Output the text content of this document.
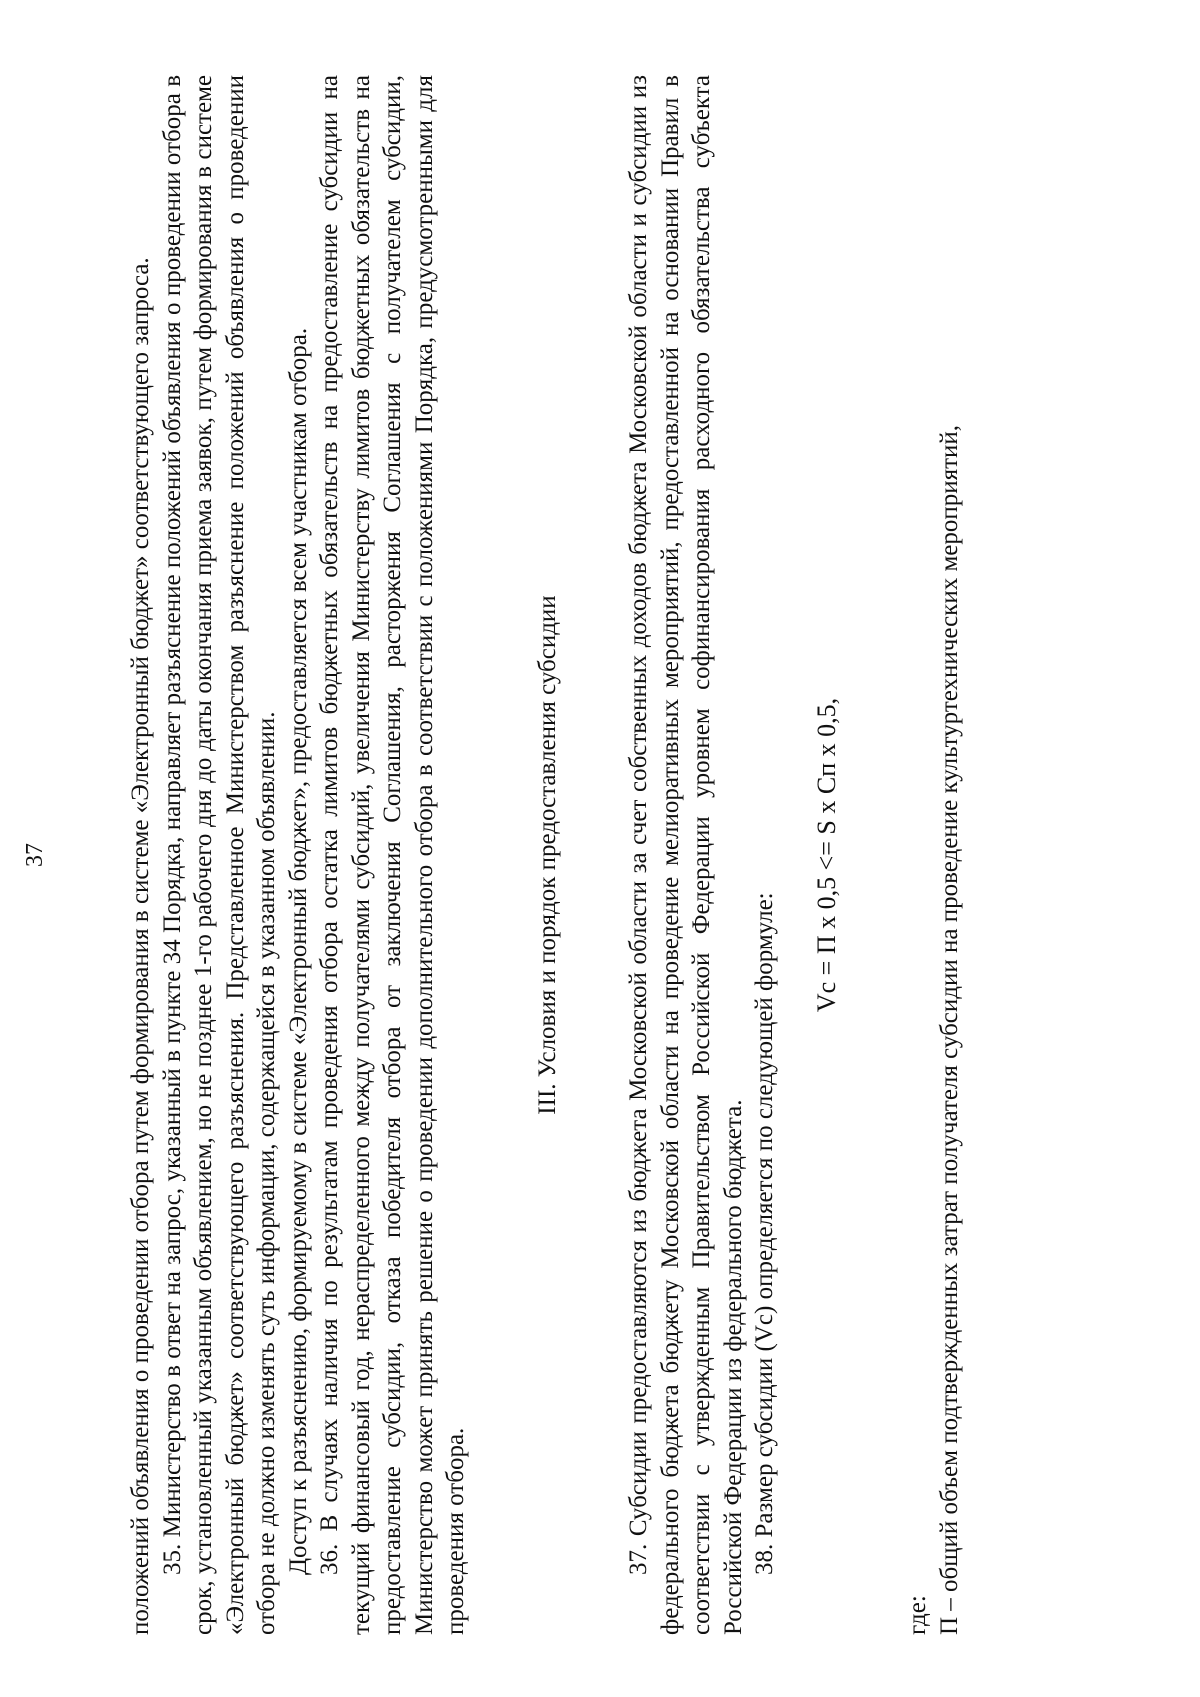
37	положений объявления о проведении отбора путем формирования в системе «Электронный бюджет» соответствующего запроса. 35. Министерство в ответ на запрос, указанный в пункте 34 Порядка, направляет разъяснение положений объявления о проведении отбора в срок, установленный указанным объявлением, но не позднее 1-го рабочего дня до даты окончания приема заявок, путем формирования в системе «Электронный бюджет» соответствующего разъяснения. Представленное Министерством разъяснение положений объявления о проведении отбора не должно изменять суть информации, содержащейся в указанном объявлении. Доступ к разъяснению, формируемому в системе «Электронный бюджет», предоставляется всем участникам отбора. 36. В случаях наличия по результатам проведения отбора остатка лимитов бюджетных обязательств на предоставление субсидии на текущий финансовый год, нераспределенного между получателями субсидий, увеличения Министерству лимитов бюджетных обязательств на предоставление субсидии, отказа победителя отбора от заключения Соглашения, расторжения Соглашения с получателем субсидии, Министерство может принять решение о проведении дополнительного отбора в соответствии с положениями Порядка, предусмотренными для проведения отбора.

III. Условия и порядок предоставления субсидии	37. Субсидии предоставляются из бюджета Московской области за счет собственных доходов бюджета Московской области и субсидии из федерального бюджета бюджету Московской области на проведение мелиоративных мероприятий, предоставленной на основании Правил в соответствии с утвержденным Правительством Российской Федерации уровнем софинансирования расходного обязательства субъекта Российской Федерации из федерального бюджета. 38. Размер субсидии (Vс) определяется по следующей формуле:

Vс = П х 0,5 <= S х Сп х 0,5,

где: П – общий объем подтвержденных затрат получателя субсидии на проведение культуртехнических мероприятий,
